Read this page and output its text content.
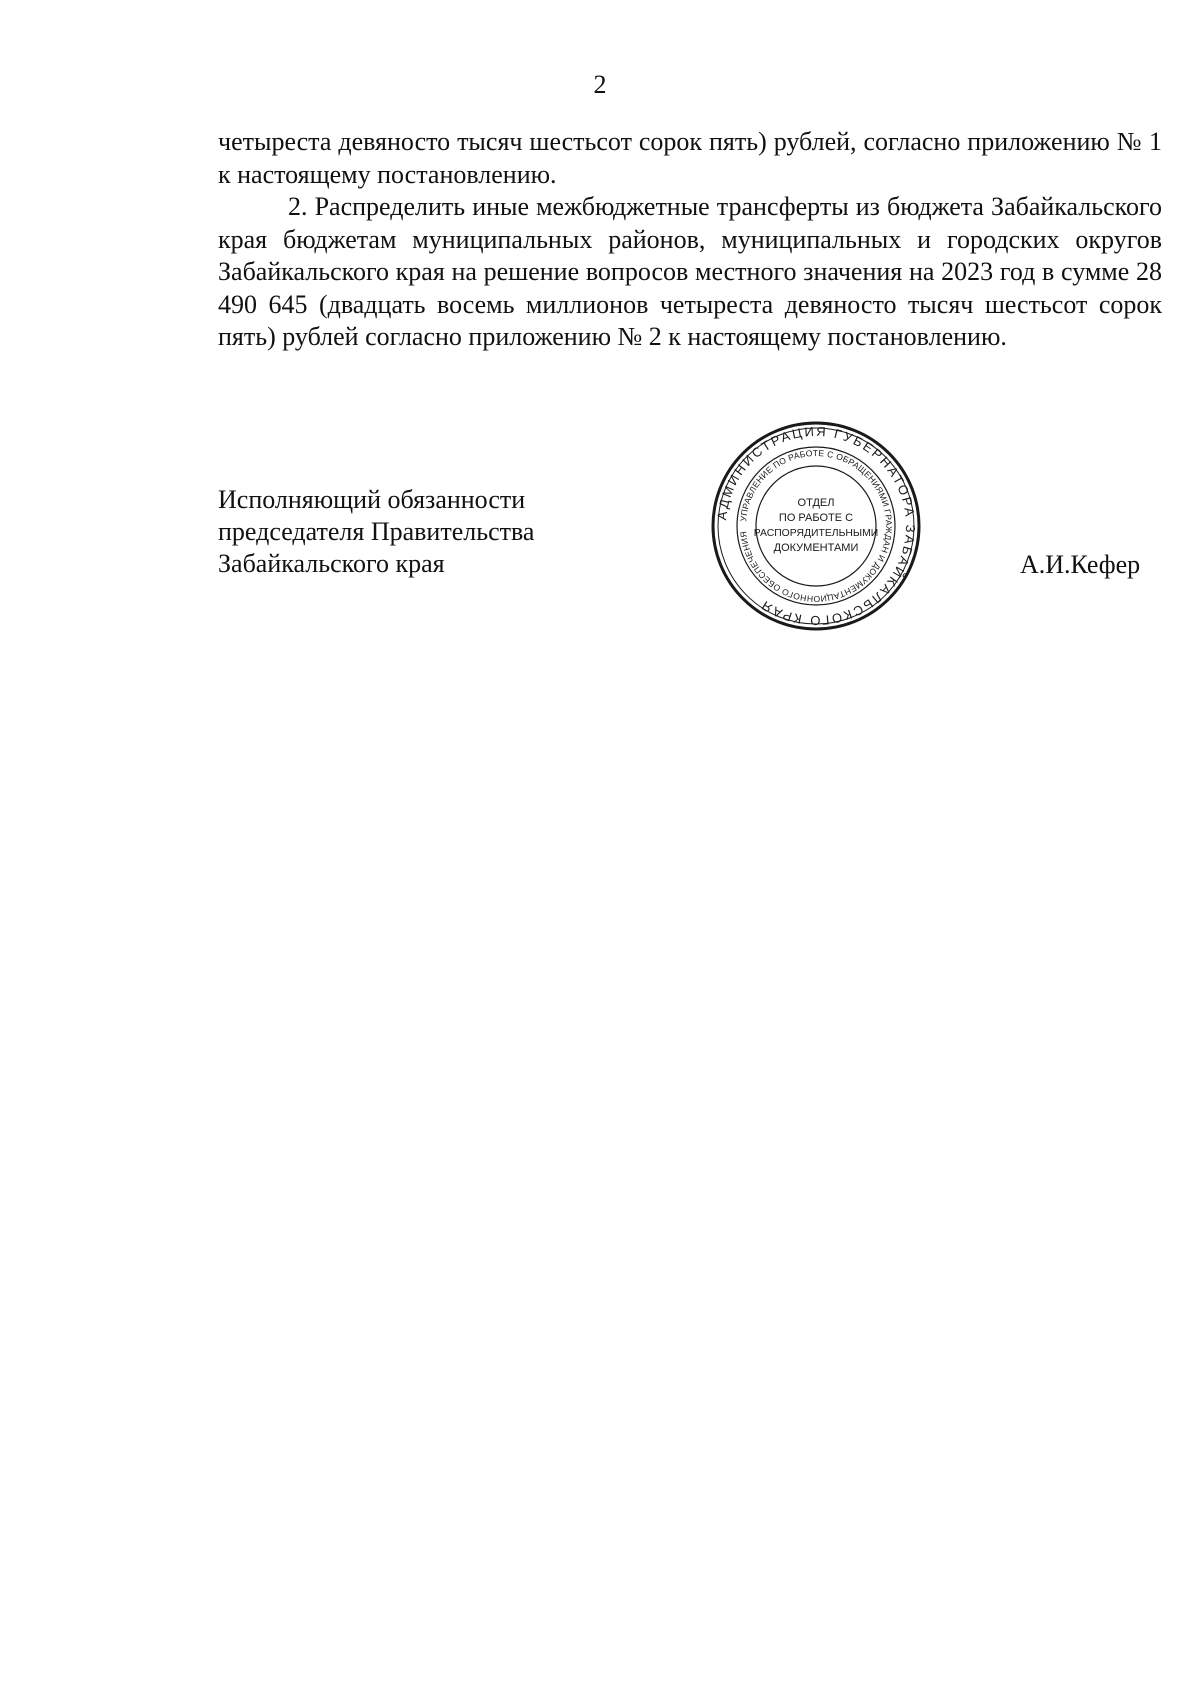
2

четыреста девяносто тысяч шестьсот сорок пять) рублей, согласно приложению № 1 к настоящему постановлению.

2. Распределить иные межбюджетные трансферты из бюджета Забайкальского края бюджетам муниципальных районов, муниципальных и городских округов Забайкальского края на решение вопросов местного значения на 2023 год в сумме 28 490 645 (двадцать восемь миллионов четыреста девяносто тысяч шестьсот сорок пять) рублей согласно приложению № 2 к настоящему постановлению.

Исполняющий обязанности
председателя Правительства
Забайкальского края
АДМИНИСТРАЦИЯ ГУБЕРНАТОРА ЗАБАЙКАЛЬСКОГО КРАЯ
УПРАВЛЕНИЕ ПО РАБОТЕ С ОБРАЩЕНИЯМИ ГРАЖДАН И ДОКУМЕНТАЦИОННОГО ОБЕСПЕЧЕНИЯ
ОТДЕЛ
ПО РАБОТЕ С
РАСПОРЯДИТЕЛЬНЫМИ
ДОКУМЕНТАМИ
А.И.Кефер
